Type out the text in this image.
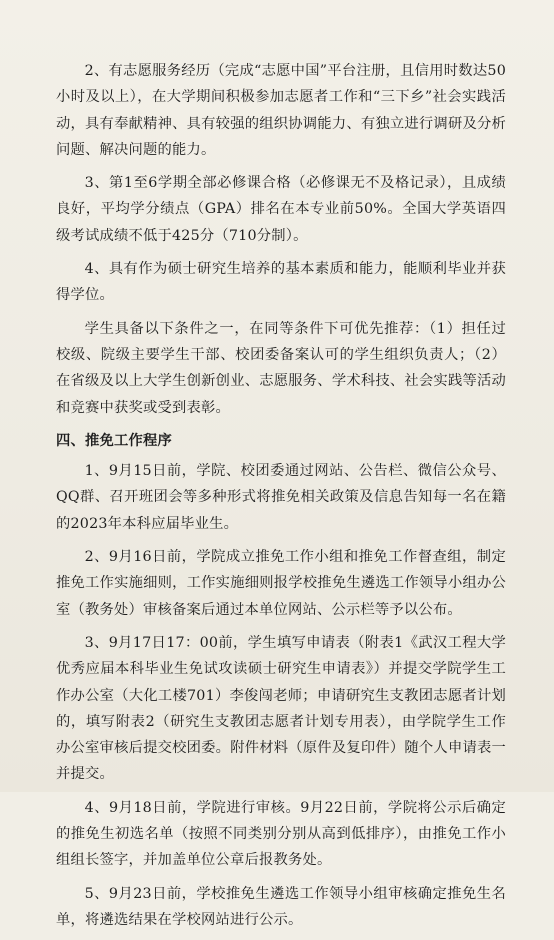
2、有志愿服务经历（完成“志愿中国”平台注册，且信用时数达50小时及以上），在大学期间积极参加志愿者工作和“三下乡”社会实践活动，具有奉献精神、具有较强的组织协调能力、有独立进行调研及分析问题、解决问题的能力。

3、第1至6学期全部必修课合格（必修课无不及格记录），且成绩良好，平均学分绩点（GPA）排名在本专业前50%。全国大学英语四级考试成绩不低于425分（710分制）。

4、具有作为硕士研究生培养的基本素质和能力，能顺利毕业并获得学位。

学生具备以下条件之一，在同等条件下可优先推荐：（1）担任过校级、院级主要学生干部、校团委备案认可的学生组织负责人；（2）在省级及以上大学生创新创业、志愿服务、学术科技、社会实践等活动和竞赛中获奖或受到表彰。

四、推免工作程序

1、9月15日前，学院、校团委通过网站、公告栏、微信公众号、QQ群、召开班团会等多种形式将推免相关政策及信息告知每一名在籍的2023年本科应届毕业生。

2、9月16日前，学院成立推免工作小组和推免工作督查组，制定推免工作实施细则，工作实施细则报学校推免生遴选工作领导小组办公室（教务处）审核备案后通过本单位网站、公示栏等予以公布。

3、9月17日17：00前，学生填写申请表（附表1《武汉工程大学优秀应届本科毕业生免试攻读硕士研究生申请表》）并提交学院学生工作办公室（大化工楼701）李俊闯老师；申请研究生支教团志愿者计划的，填写附表2（研究生支教团志愿者计划专用表），由学院学生工作办公室审核后提交校团委。附件材料（原件及复印件）随个人申请表一并提交。

4、9月18日前，学院进行审核。9月22日前，学院将公示后确定的推免生初选名单（按照不同类别分别从高到低排序），由推免工作小组组长签字，并加盖单位公章后报教务处。

5、9月23日前，学校推免生遴选工作领导小组审核确定推免生名单，将遴选结果在学校网站进行公示。
